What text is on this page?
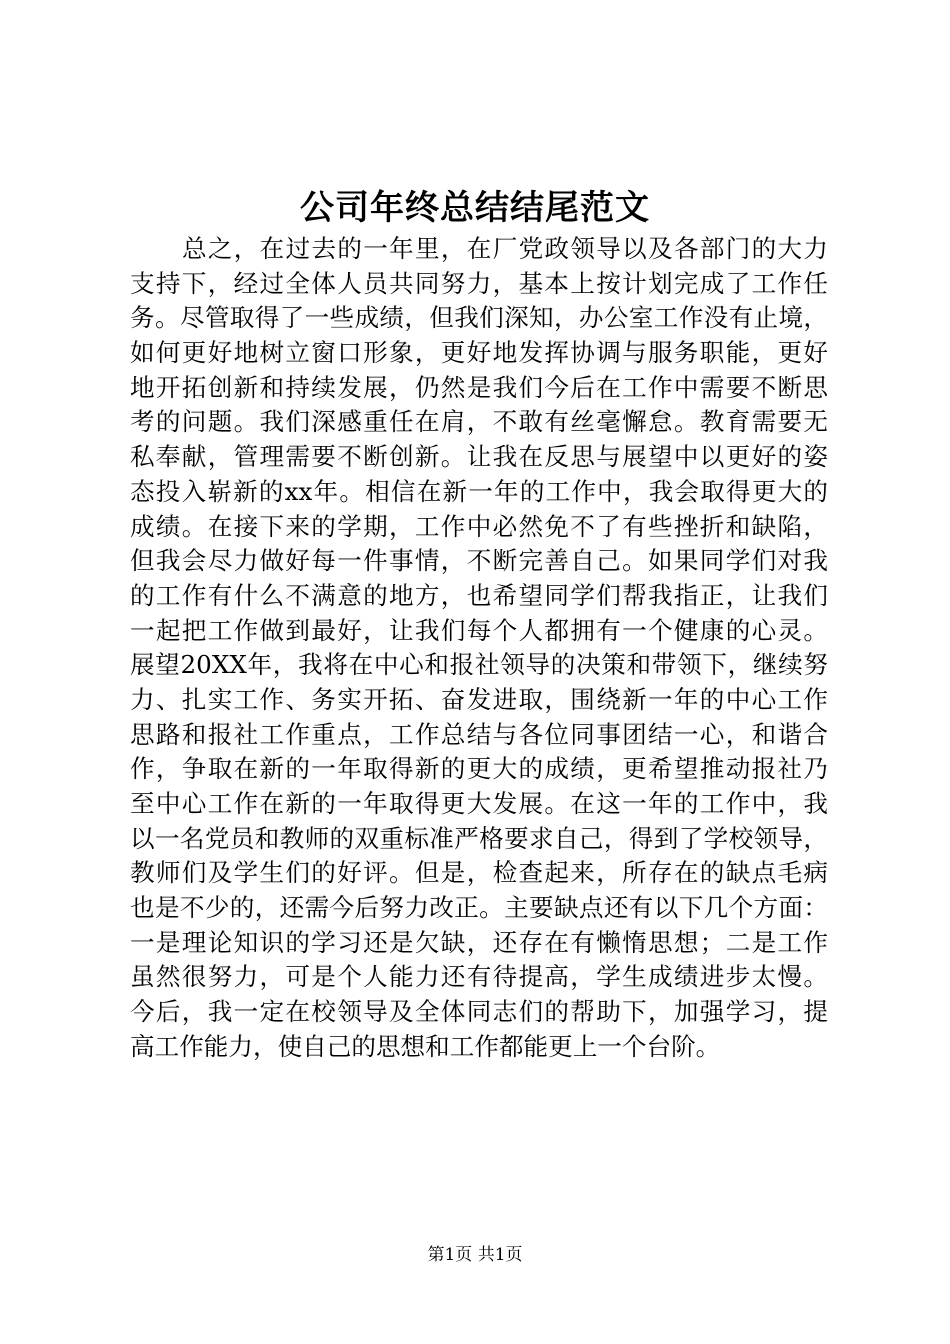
公司年终总结结尾范文
总之，在过去的一年里，在厂党政领导以及各部门的大力
支持下，经过全体人员共同努力，基本上按计划完成了工作任
务。尽管取得了一些成绩，但我们深知，办公室工作没有止境，
如何更好地树立窗口形象，更好地发挥协调与服务职能，更好
地开拓创新和持续发展，仍然是我们今后在工作中需要不断思
考的问题。我们深感重任在肩，不敢有丝毫懈怠。教育需要无
私奉献，管理需要不断创新。让我在反思与展望中以更好的姿
态投入崭新的xx年。相信在新一年的工作中，我会取得更大的
成绩。在接下来的学期，工作中必然免不了有些挫折和缺陷，
但我会尽力做好每一件事情，不断完善自己。如果同学们对我
的工作有什么不满意的地方，也希望同学们帮我指正，让我们
一起把工作做到最好，让我们每个人都拥有一个健康的心灵。
展望20XX年，我将在中心和报社领导的决策和带领下，继续努
力、扎实工作、务实开拓、奋发进取，围绕新一年的中心工作
思路和报社工作重点，工作总结与各位同事团结一心，和谐合
作，争取在新的一年取得新的更大的成绩，更希望推动报社乃
至中心工作在新的一年取得更大发展。在这一年的工作中，我
以一名党员和教师的双重标准严格要求自己，得到了学校领导，
教师们及学生们的好评。但是，检查起来，所存在的缺点毛病
也是不少的，还需今后努力改正。主要缺点还有以下几个方面：
一是理论知识的学习还是欠缺，还存在有懒惰思想；二是工作
虽然很努力，可是个人能力还有待提高，学生成绩进步太慢。
今后，我一定在校领导及全体同志们的帮助下，加强学习，提
高工作能力，使自己的思想和工作都能更上一个台阶。
第1页 共1页
